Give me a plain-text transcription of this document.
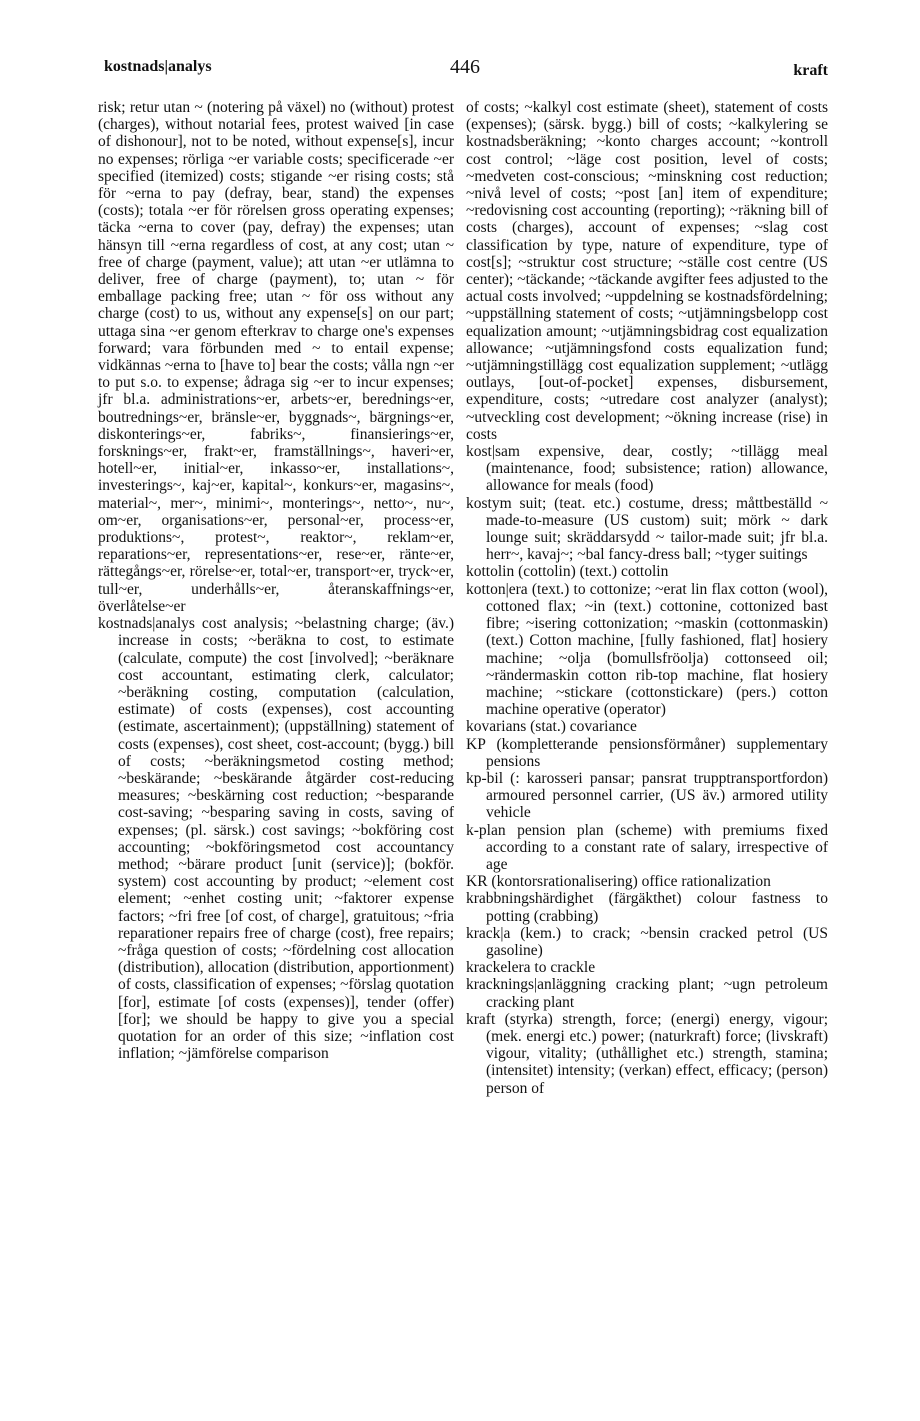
kostnads|analys	446	kraft

risk; retur utan ~ (notering på växel) no (without) protest (charges), without notarial fees, protest waived [in case of dishonour], not to be noted, without expense[s], incur no expenses; rörliga ~er variable costs; specificerade ~er specified (itemized) costs; stigande ~er rising costs; stå för ~erna to pay (defray, bear, stand) the expenses (costs); totala ~er för rörelsen gross operating expenses; täcka ~erna to cover (pay, defray) the expenses; utan hänsyn till ~erna regardless of cost, at any cost; utan ~ free of charge (payment, value); att utan ~er utlämna to deliver, free of charge (payment), to; utan ~ för emballage packing free; utan ~ för oss without any charge (cost) to us, without any expense[s] on our part; uttaga sina ~er genom efterkrav to charge one's expenses forward; vara förbunden med ~ to entail expense; vidkännas ~erna to [have to] bear the costs; vålla ngn ~er to put s.o. to expense; ådraga sig ~er to incur expenses; jfr bl.a. administrations~er, arbets~er, berednings~er, boutrednings~er, bränsle~er, byggnads~, bärgnings~er, diskonterings~er, fabriks~, finansierings~er, forsknings~er, frakt~er, framställnings~, haveri~er, hotell~er, initial~er, inkasso~er, installations~, investerings~, kaj~er, kapital~, konkurs~er, magasins~, material~, mer~, minimi~, monterings~, netto~, nu~, om~er, organisations~er, personal~er, process~er, produktions~, protest~, reaktor~, reklam~er, reparations~er, representations~er, rese~er, ränte~er, rättegångs~er, rörelse~er, total~er, transport~er, tryck~er, tull~er, underhålls~er, återanskaffnings~er, överlåtelse~er

kostnads|analys cost analysis; ~belastning charge; (äv.) increase in costs; ~beräkna to cost, to estimate (calculate, compute) the cost [involved]; ~beräknare cost accountant, estimating clerk, calculator; ~beräkning costing, computation (calculation, estimate) of costs (expenses), cost accounting (estimate, ascertainment); (uppställning) statement of costs (expenses), cost sheet, cost-account; (bygg.) bill of costs; ~beräkningsmetod costing method; ~beskärande; ~beskärande åtgärder cost-reducing measures; ~beskärning cost reduction; ~besparande cost-saving; ~besparing saving in costs, saving of expenses; (pl. särsk.) cost savings; ~bokföring cost accounting; ~bokföringsmetod cost accountancy method; ~bärare product [unit (service)]; (bokför. system) cost accounting by product; ~element cost element; ~enhet costing unit; ~faktorer expense factors; ~fri free [of cost, of charge], gratuitous; ~fria reparationer repairs free of charge (cost), free repairs; ~fråga question of costs; ~fördelning cost allocation (distribution), allocation (distribution, apportionment) of costs, classification of expenses; ~förslag quotation [for], estimate [of costs (expenses)], tender (offer) [for]; we should be happy to give you a special quotation for an order of this size; ~inflation cost inflation; ~jämförelse comparison

of costs; ~kalkyl cost estimate (sheet), statement of costs (expenses); (särsk. bygg.) bill of costs; ~kalkylering se kostnadsberäkning; ~konto charges account; ~kontroll cost control; ~läge cost position, level of costs; ~medveten cost-conscious; ~minskning cost reduction; ~nivå level of costs; ~post [an] item of expenditure; ~redovisning cost accounting (reporting); ~räkning bill of costs (charges), account of expenses; ~slag cost classification by type, nature of expenditure, type of cost[s]; ~struktur cost structure; ~ställe cost centre (US center); ~täckande; ~täckande avgifter fees adjusted to the actual costs involved; ~uppdelning se kostnadsfördelning; ~uppställning statement of costs; ~utjämningsbelopp cost equalization amount; ~utjämningsbidrag cost equalization allowance; ~utjämningsfond costs equalization fund; ~utjämningstillägg cost equalization supplement; ~utlägg outlays, [out-of-pocket] expenses, disbursement, expenditure, costs; ~utredare cost analyzer (analyst); ~utveckling cost development; ~ökning increase (rise) in costs

kost|sam expensive, dear, costly; ~tillägg meal (maintenance, food; subsistence; ration) allowance, allowance for meals (food)

kostym suit; (teat. etc.) costume, dress; måttbeställd ~ made-to-measure (US custom) suit; mörk ~ dark lounge suit; skräddarsydd ~ tailor-made suit; jfr bl.a. herr~, kavaj~; ~bal fancy-dress ball; ~tyger suitings

kottolin (cottolin) (text.) cottolin

kotton|era (text.) to cottonize; ~erat lin flax cotton (wool), cottoned flax; ~in (text.) cottonine, cottonized bast fibre; ~isering cottonization; ~maskin (cottonmaskin) (text.) Cotton machine, [fully fashioned, flat] hosiery machine; ~olja (bomullsfröolja) cottonseed oil; ~rändermaskin cotton rib-top machine, flat hosiery machine; ~stickare (cottonstickare) (pers.) cotton machine operative (operator)

kovarians (stat.) covariance

KP (kompletterande pensionsförmåner) supplementary pensions

kp-bil (: karosseri pansar; pansrat trupptransportfordon) armoured personnel carrier, (US äv.) armored utility vehicle

k-plan pension plan (scheme) with premiums fixed according to a constant rate of salary, irrespective of age

KR (kontorsrationalisering) office rationalization

krabbningshärdighet (färgäkthet) colour fastness to potting (crabbing)

krack|a (kem.) to crack; ~bensin cracked petrol (US gasoline)

krackelera to crackle

kracknings|anläggning cracking plant; ~ugn petroleum cracking plant

kraft (styrka) strength, force; (energi) energy, vigour; (mek. energi etc.) power; (naturkraft) force; (livskraft) vigour, vitality; (uthållighet etc.) strength, stamina; (intensitet) intensity; (verkan) effect, efficacy; (person) person of
